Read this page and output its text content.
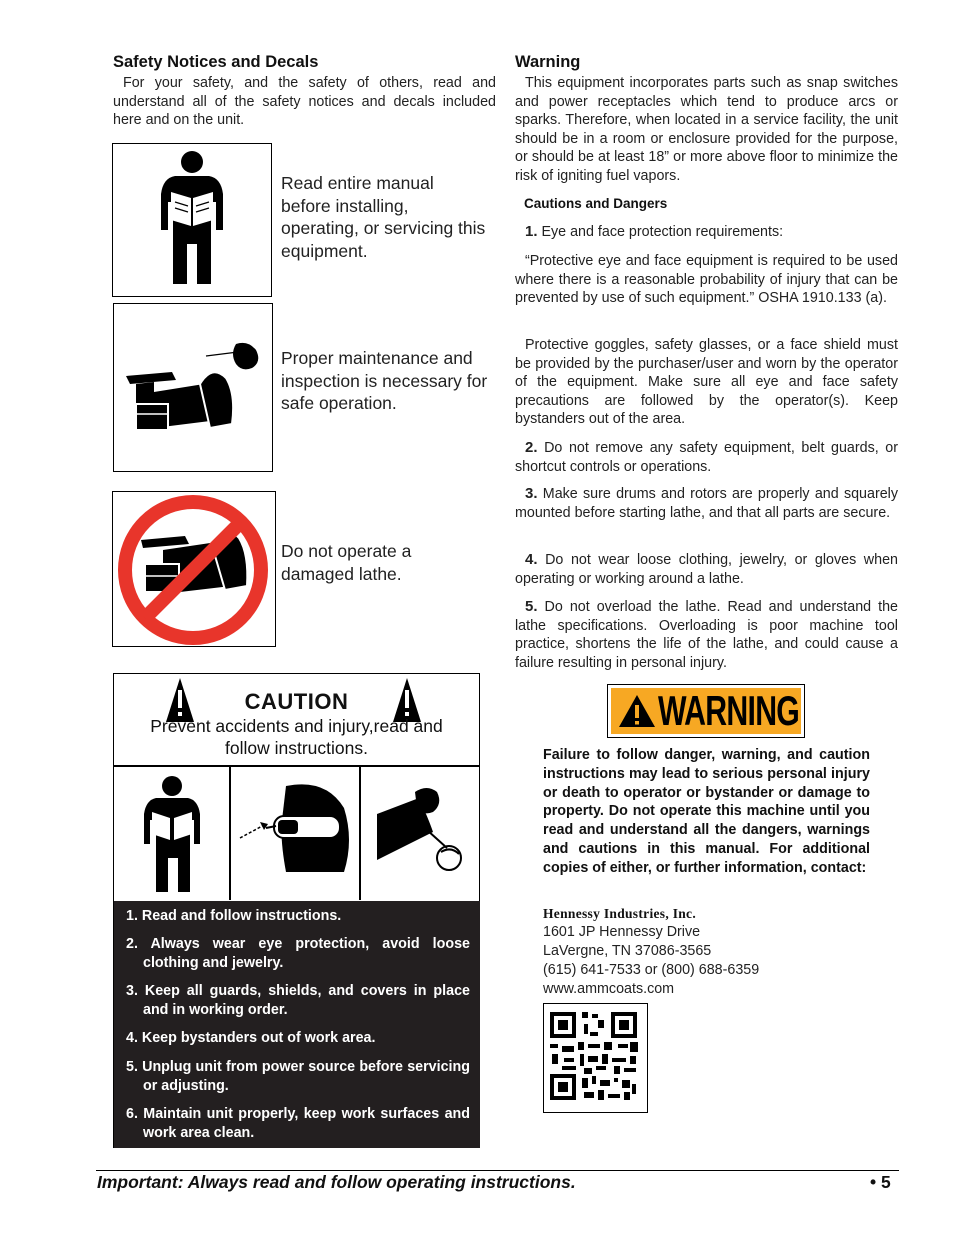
Safety Notices and Decals
For your safety, and the safety of others, read and understand all of the safety notices and decals included here and on the unit.
Read entire manual before installing, operating, or servicing this equipment.
Proper maintenance and inspection is necessary for safe operation.
Do not operate a damaged lathe.
CAUTION
Prevent accidents and injury,read and follow instructions.
1. Read and follow instructions.
2. Always wear eye protection, avoid loose clothing and jewelry.
3. Keep all guards, shields, and covers in place and in working order.
4. Keep bystanders out of work area.
5. Unplug unit from power source before servicing or adjusting.
6. Maintain unit properly, keep work surfaces and work area clean.
Warning
This equipment incorporates parts such as snap switches and power receptacles which tend to produce arcs or sparks. Therefore, when located in a service facility, the unit should be in a room or enclosure provided for the purpose, or should be at least 18” or more above floor to minimize the risk of igniting fuel vapors.
Cautions and Dangers
1. Eye and face protection requirements:
“Protective eye and face equipment is required to be used where there is a reasonable probability of injury that can be prevented by use of such equipment.” OSHA 1910.133 (a).
Protective goggles, safety glasses, or a face shield must be provided by the purchaser/user and worn by the operator of the equipment. Make sure all eye and face safety precautions are followed by the operator(s). Keep bystanders out of the area.
2. Do not remove any safety equipment, belt guards, or shortcut controls or operations.
3. Make sure drums and rotors are properly and squarely mounted before starting lathe, and that all parts are secure.
4. Do not wear loose clothing, jewelry, or gloves when operating or working around a lathe.
5. Do not overload the lathe. Read and understand the lathe specifications. Overloading is poor machine tool practice, shortens the life of the lathe, and could cause a failure resulting in personal injury.
WARNING
Failure to follow danger, warning, and caution instructions may lead to serious personal injury or death to operator or bystander or damage to property. Do not operate this machine until you read and understand all the dangers, warnings and cautions in this manual. For additional copies of either, or further information, contact:
Hennessy Industries, Inc.
1601 JP Hennessy Drive
LaVergne, TN 37086-3565
(615) 641-7533 or (800) 688-6359
www.ammcoats.com
Important: Always read and follow operating instructions.	• 5
